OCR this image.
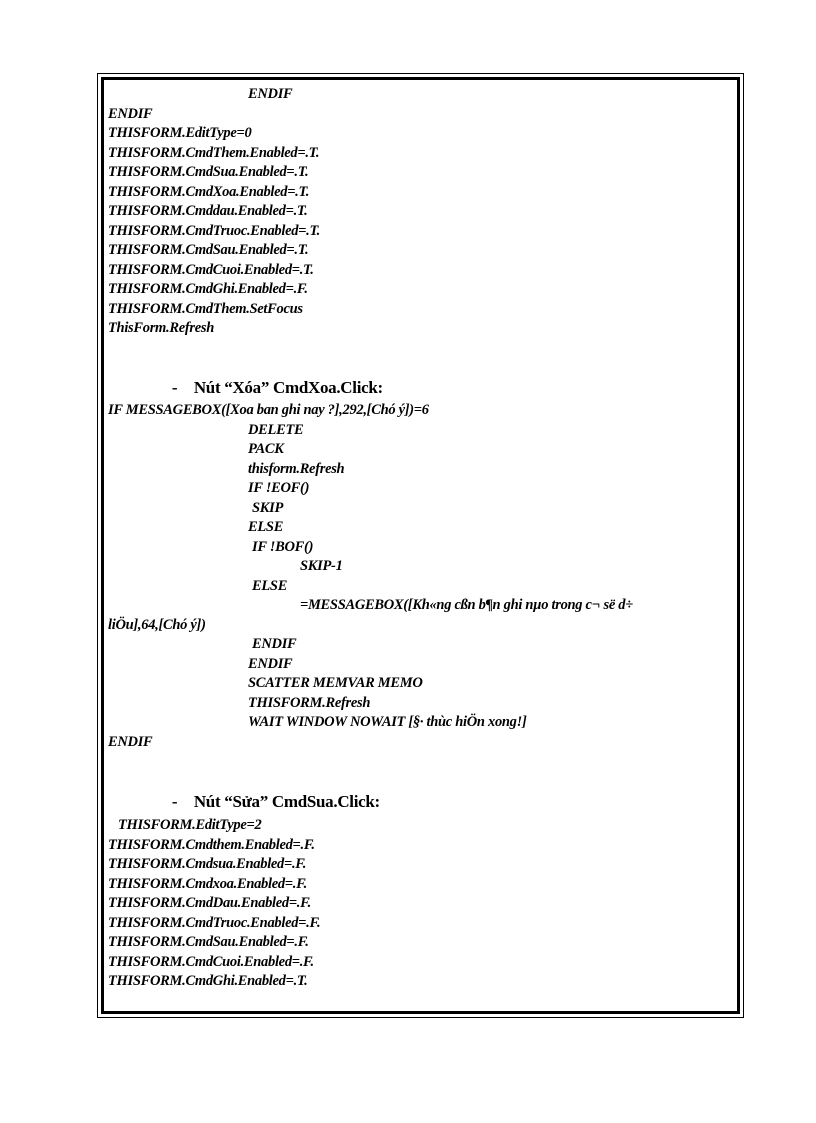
ENDIF
ENDIF
THISFORM.EditType=0
THISFORM.CmdThem.Enabled=.T.
THISFORM.CmdSua.Enabled=.T.
THISFORM.CmdXoa.Enabled=.T.
THISFORM.Cmddau.Enabled=.T.
THISFORM.CmdTruoc.Enabled=.T.
THISFORM.CmdSau.Enabled=.T.
THISFORM.CmdCuoi.Enabled=.T.
THISFORM.CmdGhi.Enabled=.F.
THISFORM.CmdThem.SetFocus
ThisForm.Refresh

- Nút “Xóa” CmdXoa.Click:

IF MESSAGEBOX([Xoa ban ghi nay ?],292,[Chó ý])=6
DELETE
PACK
thisform.Refresh
IF !EOF()
SKIP
ELSE
IF !BOF()
SKIP-1
ELSE
=MESSAGEBOX([Kh«ng cßn b¶n ghi nµo trong c¬ së d÷
liÖu],64,[Chó ý])
ENDIF
ENDIF
SCATTER MEMVAR MEMO
THISFORM.Refresh
WAIT WINDOW NOWAIT [§· thùc hiÖn xong!]
ENDIF

- Nút “Sửa” CmdSua.Click:

THISFORM.EditType=2
THISFORM.Cmdthem.Enabled=.F.
THISFORM.Cmdsua.Enabled=.F.
THISFORM.Cmdxoa.Enabled=.F.
THISFORM.CmdDau.Enabled=.F.
THISFORM.CmdTruoc.Enabled=.F.
THISFORM.CmdSau.Enabled=.F.
THISFORM.CmdCuoi.Enabled=.F.
THISFORM.CmdGhi.Enabled=.T.
